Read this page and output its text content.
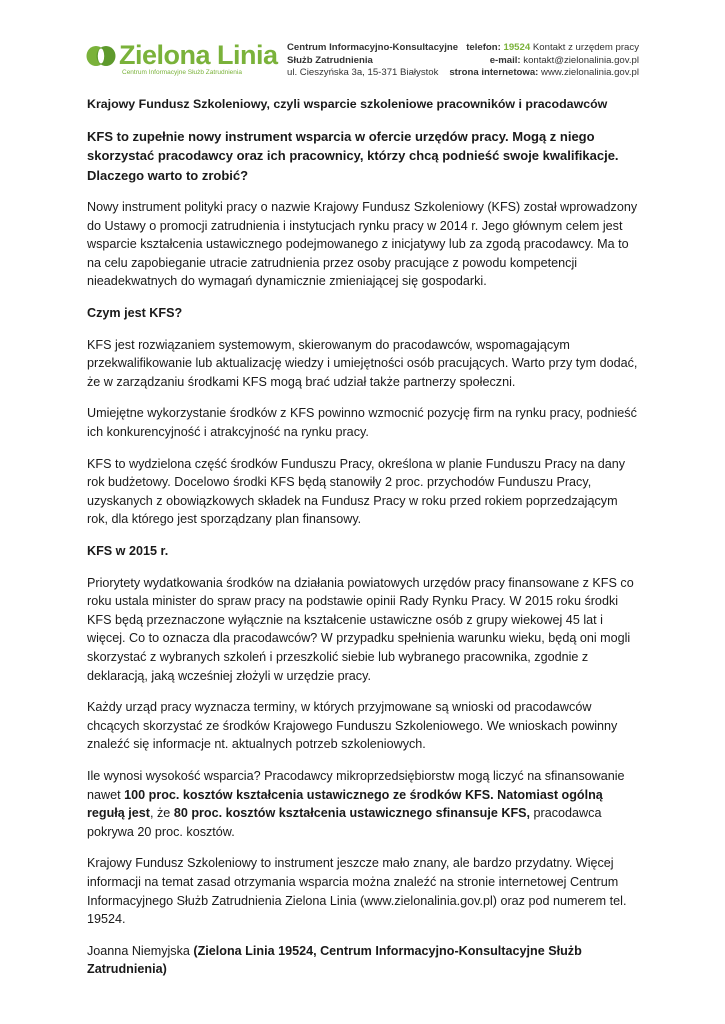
Zielona Linia
Centrum Informacyjne Służb Zatrudnienia
Centrum Informacyjno-Konsultacyjne
Służb Zatrudnienia
ul. Cieszyńska 3a, 15-371 Białystok
telefon: 19524 Kontakt z urzędem pracy
e-mail: kontakt@zielonalinia.gov.pl
strona internetowa: www.zielonalinia.gov.pl

Krajowy Fundusz Szkoleniowy, czyli wsparcie szkoleniowe pracowników i pracodawców

KFS to zupełnie nowy instrument wsparcia w ofercie urzędów pracy. Mogą z niego skorzystać pracodawcy oraz ich pracownicy, którzy chcą podnieść swoje kwalifikacje. Dlaczego warto to zrobić?

Nowy instrument polityki pracy o nazwie Krajowy Fundusz Szkoleniowy (KFS) został wprowadzony do Ustawy o promocji zatrudnienia i instytucjach rynku pracy w 2014 r. Jego głównym celem jest wsparcie kształcenia ustawicznego podejmowanego z inicjatywy lub za zgodą pracodawcy. Ma to na celu zapobieganie utracie zatrudnienia przez osoby pracujące z powodu kompetencji nieadekwatnych do wymagań dynamicznie zmieniającej się gospodarki.

Czym jest KFS?

KFS jest rozwiązaniem systemowym, skierowanym do pracodawców, wspomagającym przekwalifikowanie lub aktualizację wiedzy i umiejętności osób pracujących. Warto przy tym dodać, że w zarządzaniu środkami KFS mogą brać udział także partnerzy społeczni.

Umiejętne wykorzystanie środków z KFS powinno wzmocnić pozycję firm na rynku pracy, podnieść ich konkurencyjność i atrakcyjność na rynku pracy.

KFS to wydzielona część środków Funduszu Pracy, określona w planie Funduszu Pracy na dany rok budżetowy. Docelowo środki KFS będą stanowiły 2 proc. przychodów Funduszu Pracy, uzyskanych z obowiązkowych składek na Fundusz Pracy w roku przed rokiem poprzedzającym rok, dla którego jest sporządzany plan finansowy.

KFS w 2015 r.

Priorytety wydatkowania środków na działania powiatowych urzędów pracy finansowane z KFS co roku ustala minister do spraw pracy na podstawie opinii Rady Rynku Pracy. W 2015 roku środki KFS będą przeznaczone wyłącznie na kształcenie ustawiczne osób z grupy wiekowej 45 lat i więcej. Co to oznacza dla pracodawców? W przypadku spełnienia warunku wieku, będą oni mogli skorzystać z wybranych szkoleń i przeszkolić siebie lub wybranego pracownika, zgodnie z deklaracją, jaką wcześniej złożyli w urzędzie pracy.

Każdy urząd pracy wyznacza terminy, w których przyjmowane są wnioski od pracodawców chcących skorzystać ze środków Krajowego Funduszu Szkoleniowego. We wnioskach powinny znaleźć się informacje nt. aktualnych potrzeb szkoleniowych.

Ile wynosi wysokość wsparcia? Pracodawcy mikroprzedsiębiorstw mogą liczyć na sfinansowanie nawet 100 proc. kosztów kształcenia ustawicznego ze środków KFS. Natomiast ogólną regułą jest, że 80 proc. kosztów kształcenia ustawicznego sfinansuje KFS, pracodawca pokrywa 20 proc. kosztów.

Krajowy Fundusz Szkoleniowy to instrument jeszcze mało znany, ale bardzo przydatny. Więcej informacji na temat zasad otrzymania wsparcia można znaleźć na stronie internetowej Centrum Informacyjnego Służb Zatrudnienia Zielona Linia (www.zielonalinia.gov.pl) oraz pod numerem tel. 19524.

Joanna Niemyjska (Zielona Linia 19524, Centrum Informacyjno-Konsultacyjne Służb Zatrudnienia)
